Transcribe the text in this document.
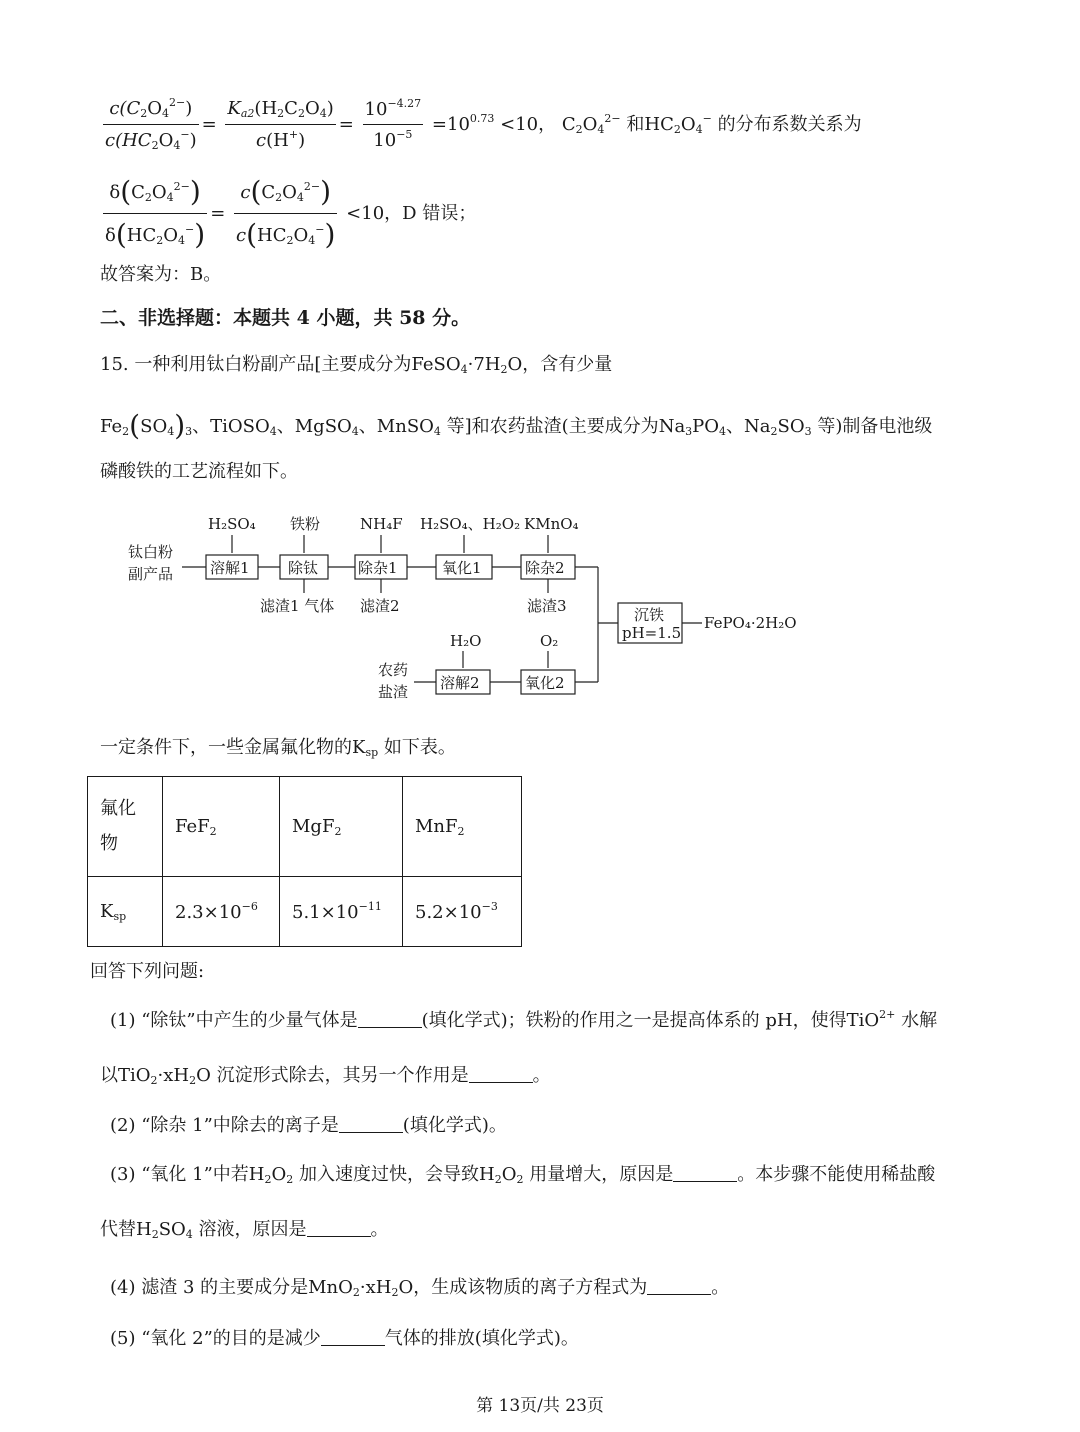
$\frac{c(C_2O_4^{2-})}{c(HC_2O_4^-)} = \frac{K_{a2}(H_2C_2O_4)}{c(H^+)} = \frac{10^{-4.27}}{10^{-5}} =10^{0.73} <10$， $C_2O_4^{2-}$ 和$HC_2O_4^-$ 的分布系数关系为
$\frac{\delta(C_2O_4^{2-})}{\delta(HC_2O_4^-)} = \frac{c(C_2O_4^{2-})}{c(HC_2O_4^-)} <10$，D 错误；
故答案为：B。
二、非选择题：本题共 4 小题，共 58 分。
15. 一种利用钛白粉副产品[主要成分为$FeSO_4\cdot 7H_2O$，含有少量
$Fe_2(SO_4)_3$、TiOSO$_4$、MgSO$_4$、MnSO$_4$ 等]和农药盐渣(主要成分为$Na_3PO_4$、$Na_2SO_3$ 等)制备电池级
磷酸铁的工艺流程如下。
钛白粉
副产品
农药
盐渣
溶解1	除钛	除杂1	氧化1	除杂2
H₂SO₄ 铁粉	NH₄F H₂SO₄、H₂O₂ KMnO₄
滤渣1 气体 滤渣2	滤渣3	沉铁
pH=1.5
FePO₄·2H₂O
溶解2	氧化2
H₂O	O₂
一定条件下，一些金属氟化物的$K_{sp}$ 如下表。
氟化
物	FeF$_2$	MgF$_2$	MnF$_2$
$K_{sp}$	$2.3\times 10^{-6}$	$5.1\times 10^{-11}$	$5.2\times 10^{-3}$
回答下列问题:
(1) “除钛”中产生的少量气体是	(填化学式)；铁粉的作用之一是提高体系的 pH，使得TiO$^{2+}$ 水解
以$TiO_2\cdot xH_2O$ 沉淀形式除去，其另一个作用是	。
(2) “除杂 1”中除去的离子是	(填化学式)。
(3) “氧化 1”中若$H_2O_2$ 加入速度过快，会导致$H_2O_2$ 用量增大，原因是	。本步骤不能使用稀盐酸
代替$H_2SO_4$ 溶液，原因是	。
(4) 滤渣 3 的主要成分是$MnO_2\cdot xH_2O$，生成该物质的离子方程式为	。
(5) “氧化 2”的目的是减少	气体的排放(填化学式)。
第 13页/共 23页
